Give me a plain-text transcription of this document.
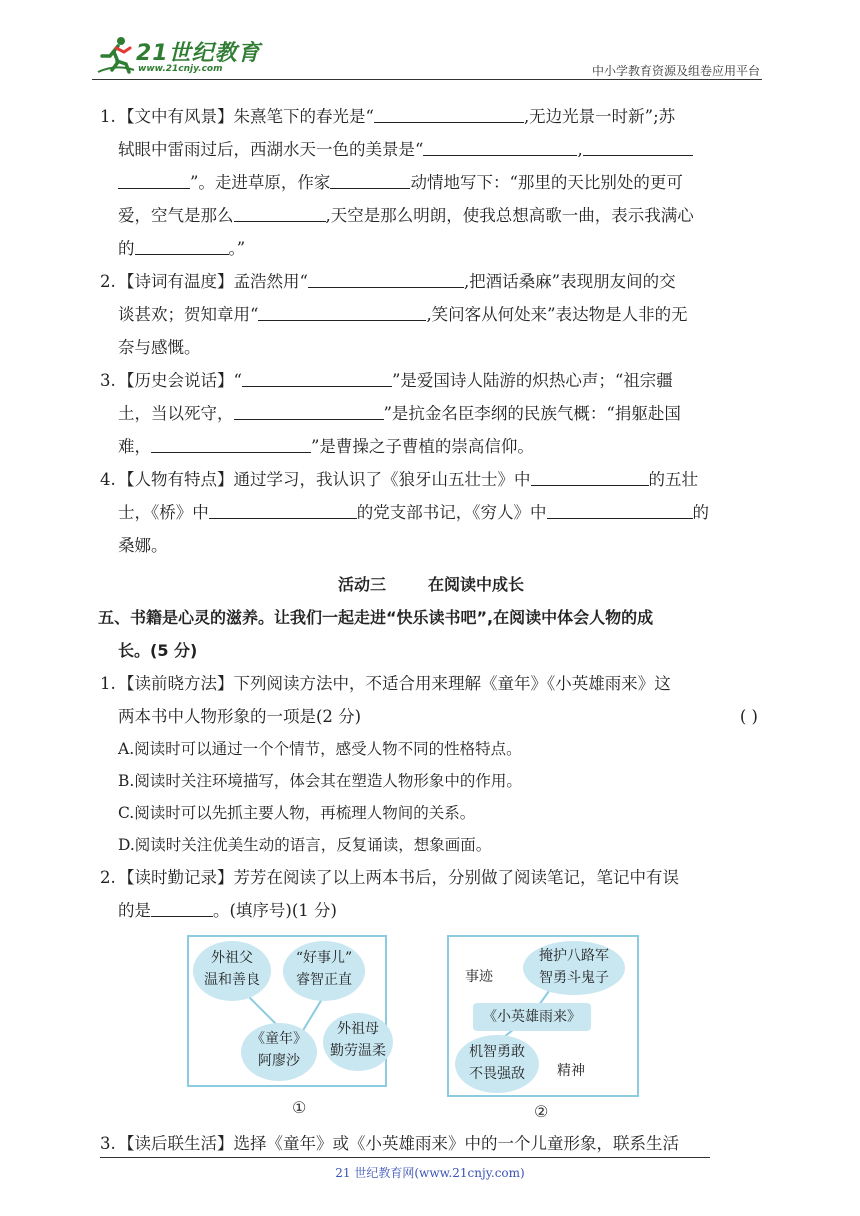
21世纪教育
www.21cnjy.com	中小学教育资源及组卷应用平台
1. 【文中有风景】朱熹笔下的春光是“	,无边光景一时新”;苏
轼眼中雷雨过后，西湖水天一色的美景是“	,
”。走进草原，作家	动情地写下：“那里的天比别处的更可
爱，空气是那么	,天空是那么明朗，使我总想高歌一曲，表示我满心
的	。”
2. 【诗词有温度】孟浩然用“	,把酒话桑麻”表现朋友间的交
谈甚欢；贺知章用“	,笑问客从何处来”表达物是人非的无
奈与感慨。
3. 【历史会说话】“	”是爱国诗人陆游的炽热心声；“祖宗疆
土，当以死守，	”是抗金名臣李纲的民族气概：“捐躯赴国
难，	”是曹操之子曹植的崇高信仰。
4. 【人物有特点】通过学习，我认识了《狼牙山五壮士》中	的五壮
士，《桥》中	的党支部书记，《穷人》中	的
桑娜。
活动三	在阅读中成长
五、书籍是心灵的滋养。让我们一起走进“快乐读书吧”,在阅读中体会人物的成
长。(5 分)
1. 【读前晓方法】下列阅读方法中，不适合用来理解《童年》《小英雄雨来》这
两本书中人物形象的一项是(2 分)	( )
A.阅读时可以通过一个个情节，感受人物不同的性格特点。
B.阅读时关注环境描写，体会其在塑造人物形象中的作用。
C.阅读时可以先抓主要人物，再梳理人物间的关系。
D.阅读时关注优美生动的语言，反复诵读，想象画面。
2. 【读时勤记录】芳芳在阅读了以上两本书后，分别做了阅读笔记，笔记中有误
的是	。(填序号)(1 分)
外祖父
温和善良
“好事儿”
睿智正直
《童年》
阿廖沙
外祖母
勤劳温柔
①
事迹
掩护八路军
智勇斗鬼子
《小英雄雨来》
机智勇敢
不畏强敌	精神
②
3. 【读后联生活】选择《童年》或《小英雄雨来》中的一个儿童形象，联系生活
21 世纪教育网(www.21cnjy.com)
